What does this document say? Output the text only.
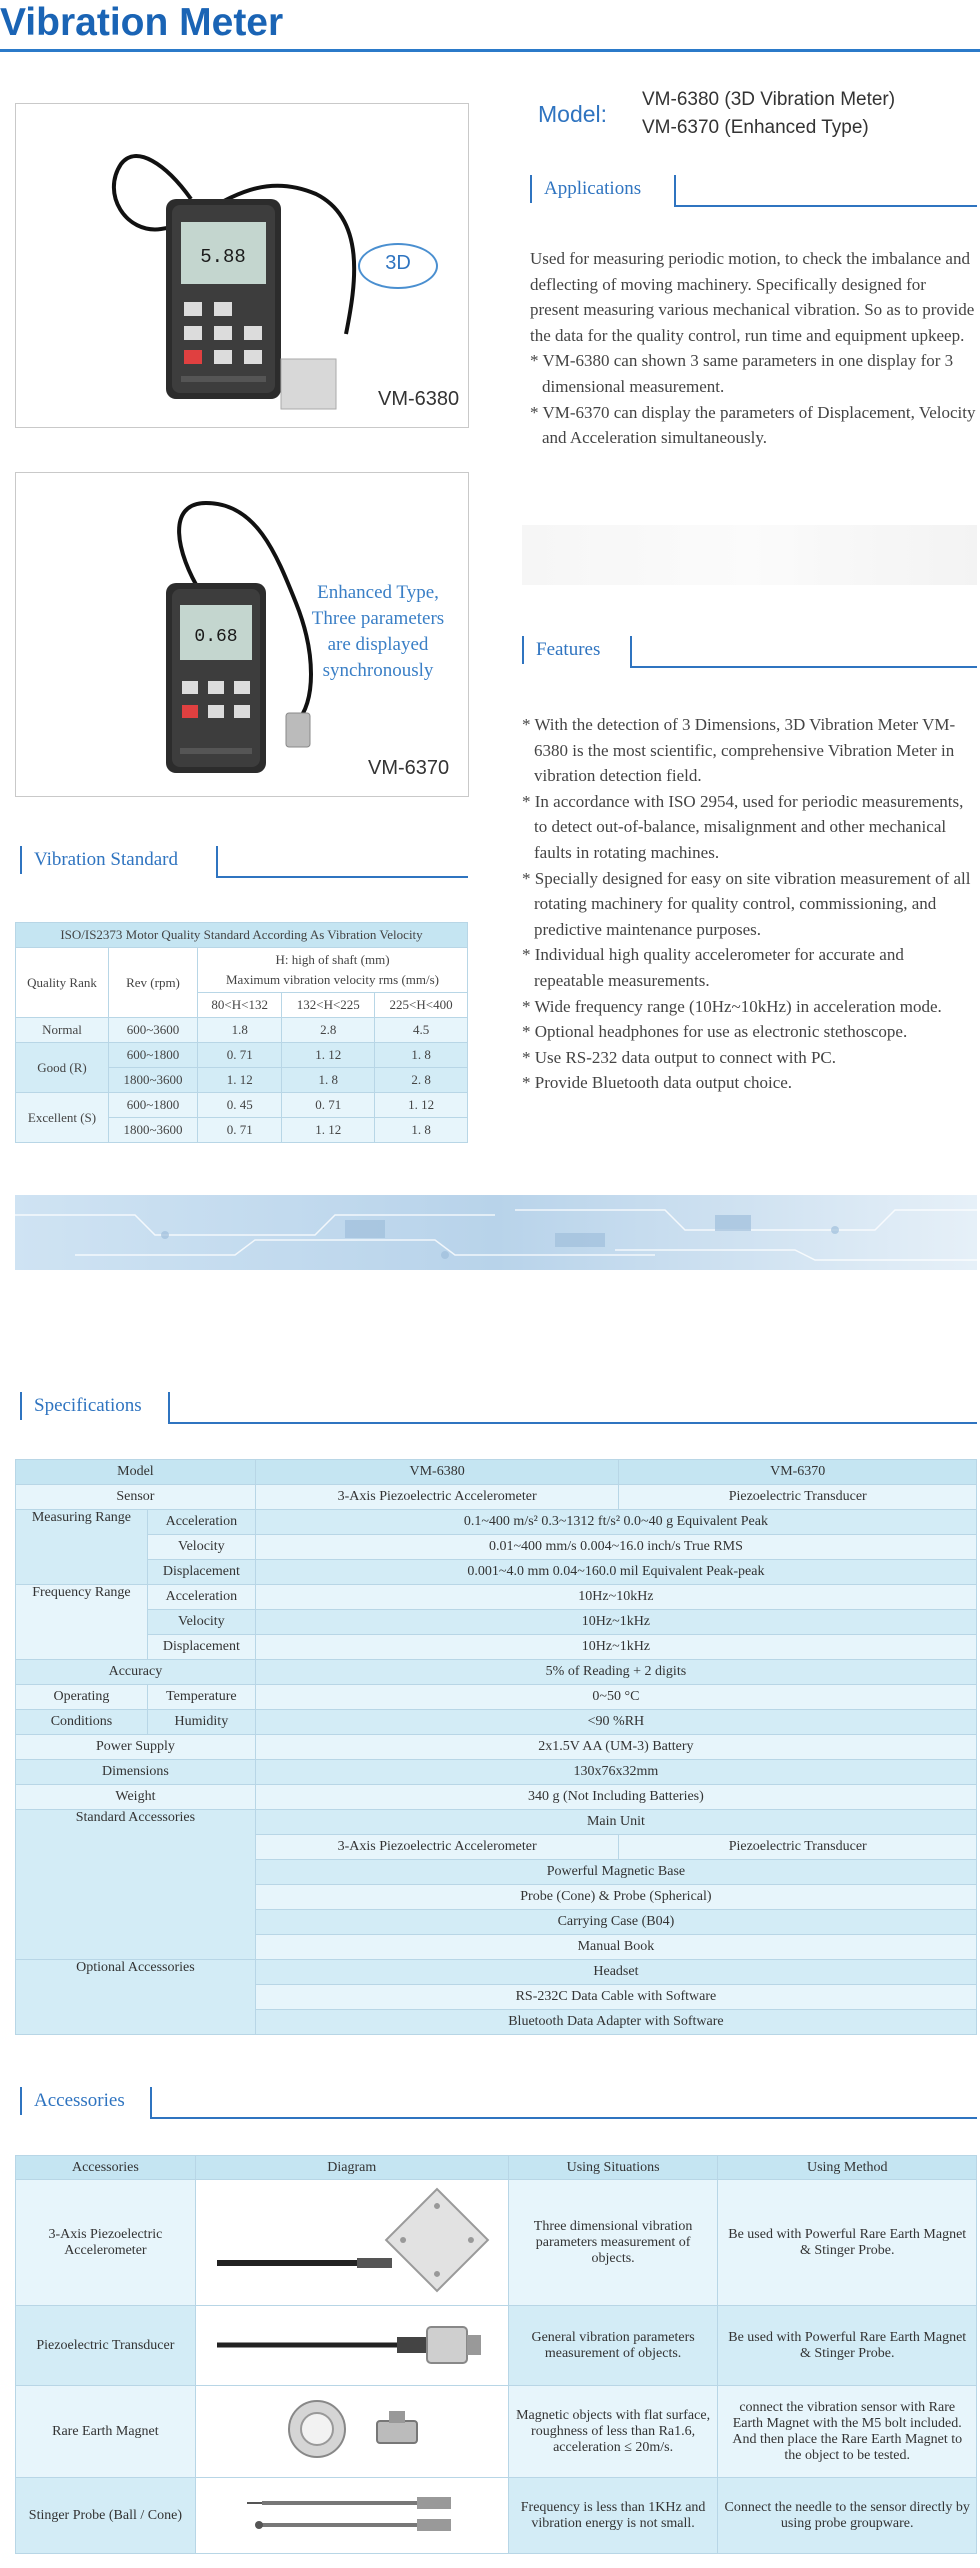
Vibration Meter
5.88	3D
VM-6380
Model:
VM-6380 (3D Vibration Meter)
VM-6370 (Enhanced Type)
Applications

Used for measuring periodic motion, to check the imbalance and deflecting of moving machinery. Specifically designed for present measuring various mechanical vibration. So as to provide the data for the quality control, run time and equipment upkeep.

* VM-6380 can shown 3 same parameters in one display for 3 dimensional measurement.

* VM-6370 can display the parameters of Displacement, Velocity and Acceleration simultaneously.

0.68
Enhanced Type,
Three parameters
are displayed
synchronously
VM-6370
Features

* With the detection of 3 Dimensions, 3D Vibration Meter VM-6380 is the most scientific, comprehensive Vibration Meter in vibration detection field.

* In accordance with ISO 2954, used for periodic measurements, to detect out-of-balance, misalignment and other mechanical faults in rotating machines.

* Specially designed for easy on site vibration measurement of all rotating machinery for quality control, commissioning, and predictive maintenance purposes.

* Individual high quality accelerometer for accurate and repeatable measurements.

* Wide frequency range (10Hz~10kHz) in acceleration mode.

* Optional headphones for use as electronic stethoscope.

* Use RS-232 data output to connect with PC.

* Provide Bluetooth data output choice.

Vibration Standard
ISO/IS2373 Motor Quality Standard According As Vibration Velocity				
Quality Rank	Rev (rpm)	H: high of shaft (mm)
Maximum vibration velocity rms (mm/s)		

		80<H<132	132<H<225	225<H<400
Normal	600~3600	1.8	2.8	4.5
Good (R)	600~1800	0. 71	1. 12	1. 8
	1800~3600	1. 12	1. 8	2. 8
Excellent (S)	600~1800	0. 45	0. 71	1. 12
	1800~3600	0. 71	1. 12	1. 8
Specifications
Model		VM-6380	VM-6370
Sensor		3-Axis Piezoelectric Accelerometer	Piezoelectric Transducer
Measuring Range	Acceleration	0.1~400 m/s² 0.3~1312 ft/s² 0.0~40 g Equivalent Peak	
	Velocity	0.01~400 mm/s 0.004~16.0 inch/s True RMS	
	Displacement	0.001~4.0 mm 0.04~160.0 mil Equivalent Peak-peak	
Frequency Range	Acceleration	10Hz~10kHz	
	Velocity	10Hz~1kHz	
	Displacement	10Hz~1kHz	
Accuracy		5% of Reading + 2 digits	
Operating	Temperature	0~50 °C	
Conditions	Humidity	<90 %RH	
Power Supply		2x1.5V AA (UM-3) Battery	
Dimensions		130x76x32mm	
Weight		340 g (Not Including Batteries)	
Standard Accessories		Main Unit	
		3-Axis Piezoelectric Accelerometer	Piezoelectric Transducer
		Powerful Magnetic Base	
		Probe (Cone) & Probe (Spherical)	
		Carrying Case (B04)	
		Manual Book	
Optional Accessories		Headset	
		RS-232C Data Cable with Software	
		Bluetooth Data Adapter with Software	
Accessories
Accessories	Diagram	Using Situations	Using Method
3-Axis Piezoelectric Accelerometer		Three dimensional vibration parameters measurement of objects.	Be used with Powerful Rare Earth Magnet & Stinger Probe.
Piezoelectric Transducer		General vibration parameters measurement of objects.	Be used with Powerful Rare Earth Magnet & Stinger Probe.
Rare Earth Magnet		Magnetic objects with flat surface, roughness of less than Ra1.6, acceleration ≤ 20m/s.	connect the vibration sensor with Rare Earth Magnet with the M5 bolt included. And then place the Rare Earth Magnet to the object to be tested.
Stinger Probe (Ball / Cone)		Frequency is less than 1KHz and vibration energy is not small.	Connect the needle to the sensor directly by using probe groupware.
